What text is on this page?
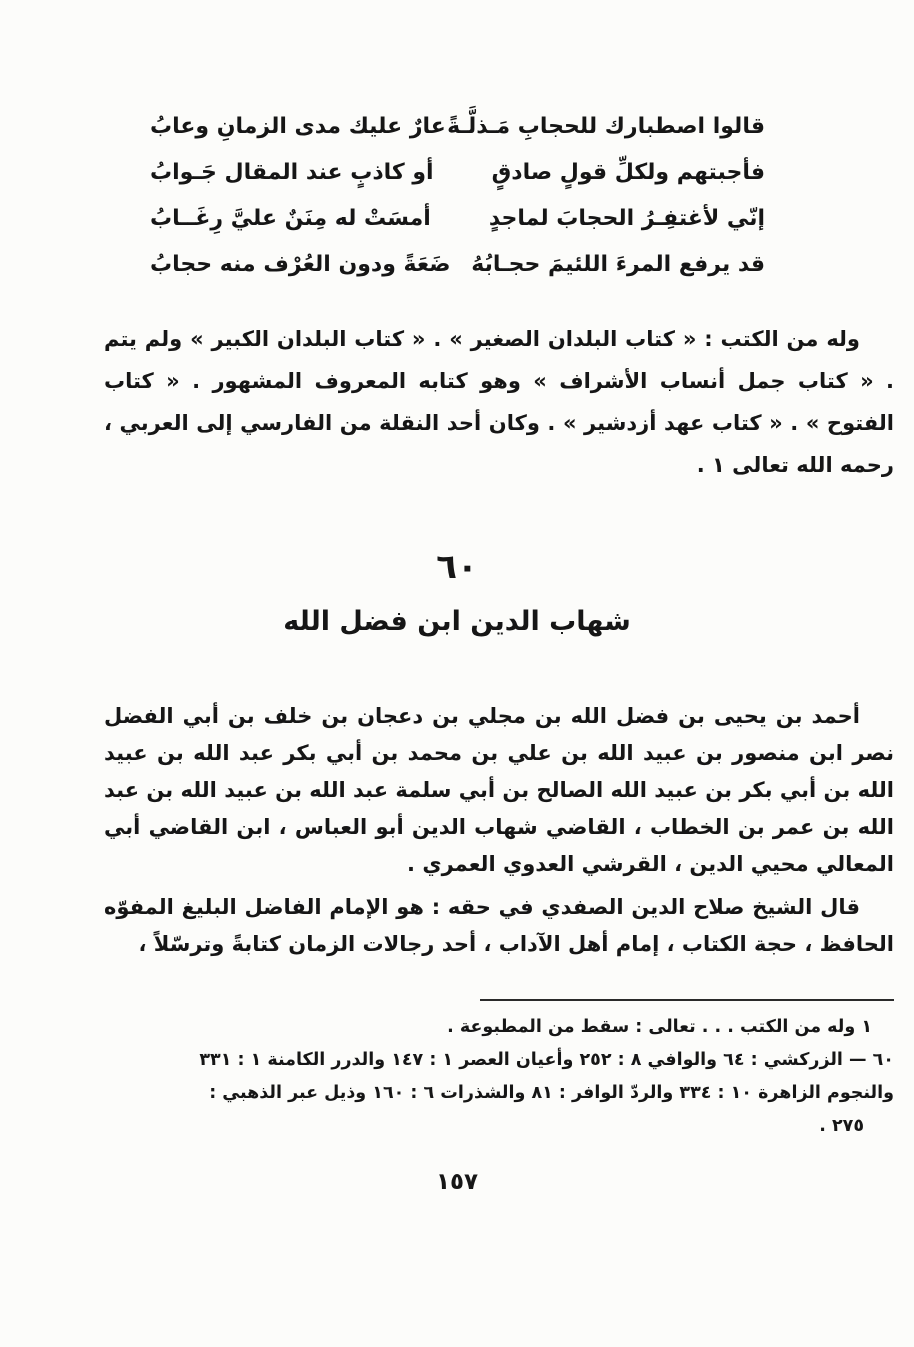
قالوا اصطبارك للحجابِ مَـذلَّـةً
عارٌ عليك مدى الزمانِ وعابُ
فأجبتهم ولكلِّ قولٍ صادقٍ
أو كاذبٍ عند المقال جَـوابُ
إنّي لأغتفِـرُ الحجابَ لماجدٍ
أمسَتْ له مِنَنٌ عليَّ رِغَــابُ
قد يرفع المرءَ اللئيمَ حجـابُهُ
ضَعَةً ودون العُرْف منه حجابُ

وله من الكتب : « كتاب البلدان الصغير » . « كتاب البلدان الكبير » ولم يتم . « كتاب جمل أنساب الأشراف » وهو كتابه المعروف المشهور . « كتاب الفتوح » . « كتاب عهد أزدشير » . وكان أحد النقلة من الفارسي إلى العربي ، رحمه الله تعالى ١ .

٦٠
شهاب الدين ابن فضل الله

أحمد بن يحيى بن فضل الله بن مجلي بن دعجان بن خلف بن أبي الفضل نصر ابن منصور بن عبيد الله بن علي بن محمد بن أبي بكر عبد الله بن عبيد الله بن أبي بكر بن عبيد الله الصالح بن أبي سلمة عبد الله بن عبيد الله بن عبد الله بن عمر بن الخطاب ، القاضي شهاب الدين أبو العباس ، ابن القاضي أبي المعالي محيي الدين ، القرشي العدوي العمري .

قال الشيخ صلاح الدين الصفدي في حقه : هو الإمام الفاضل البليغ المفوّه الحافظ ، حجة الكتاب ، إمام أهل الآداب ، أحد رجالات الزمان كتابةً وترسّلاً ،

١ وله من الكتب . . . تعالى : سقط من المطبوعة .
٦٠ — الزركشي : ٦٤ والوافي ٨ : ٢٥٢ وأعيان العصر ١ : ١٤٧ والدرر الكامنة ١ : ٣٣١
والنجوم الزاهرة ١٠ : ٣٣٤ والردّ الوافر : ٨١ والشذرات ٦ : ١٦٠ وذيل عبر الذهبي :
٢٧٥ .
١٥٧
